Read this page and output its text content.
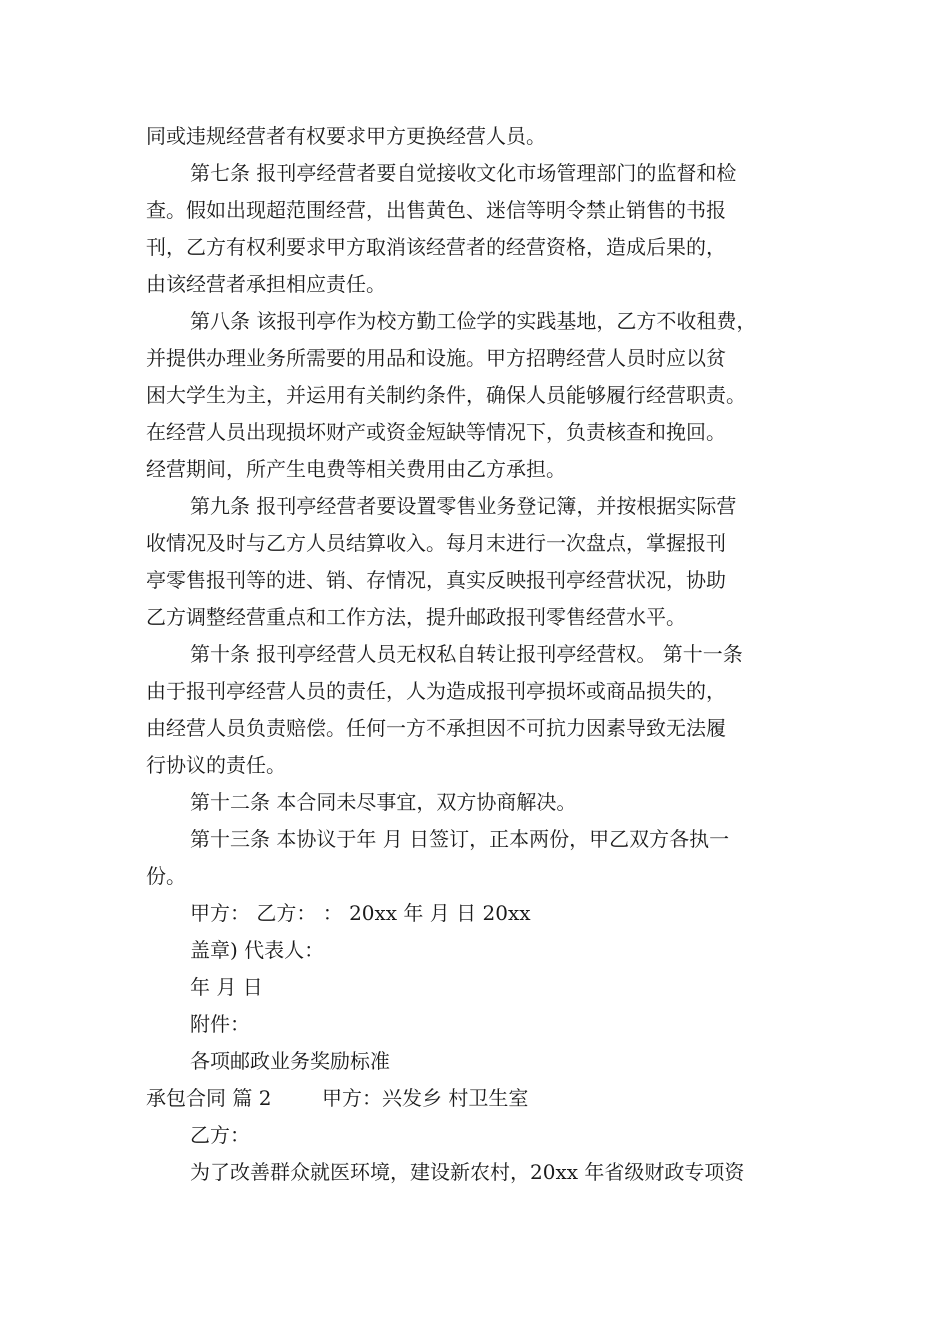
同或违规经营者有权要求甲方更换经营人员。
第七条 报刊亭经营者要自觉接收文化市场管理部门的监督和检
查。假如出现超范围经营，出售黄色、迷信等明令禁止销售的书报
刊，乙方有权利要求甲方取消该经营者的经营资格，造成后果的，
由该经营者承担相应责任。
第八条 该报刊亭作为校方勤工俭学的实践基地，乙方不收租费，
并提供办理业务所需要的用品和设施。甲方招聘经营人员时应以贫
困大学生为主，并运用有关制约条件，确保人员能够履行经营职责。
在经营人员出现损坏财产或资金短缺等情况下，负责核查和挽回。
经营期间，所产生电费等相关费用由乙方承担。
第九条 报刊亭经营者要设置零售业务登记簿，并按根据实际营
收情况及时与乙方人员结算收入。每月末进行一次盘点，掌握报刊
亭零售报刊等的进、销、存情况，真实反映报刊亭经营状况，协助
乙方调整经营重点和工作方法，提升邮政报刊零售经营水平。
第十条 报刊亭经营人员无权私自转让报刊亭经营权。 第十一条
由于报刊亭经营人员的责任，人为造成报刊亭损坏或商品损失的，
由经营人员负责赔偿。任何一方不承担因不可抗力因素导致无法履
行协议的责任。
第十二条 本合同未尽事宜，双方协商解决。
第十三条 本协议于年 月 日签订，正本两份，甲乙双方各执一
份。
甲方： 乙方： ： 20xx 年 月 日 20xx
盖章) 代表人：
年 月 日
附件：
各项邮政业务奖励标准
承包合同 篇 2	甲方：兴发乡 村卫生室
乙方：
为了改善群众就医环境，建设新农村，20xx 年省级财政专项资
